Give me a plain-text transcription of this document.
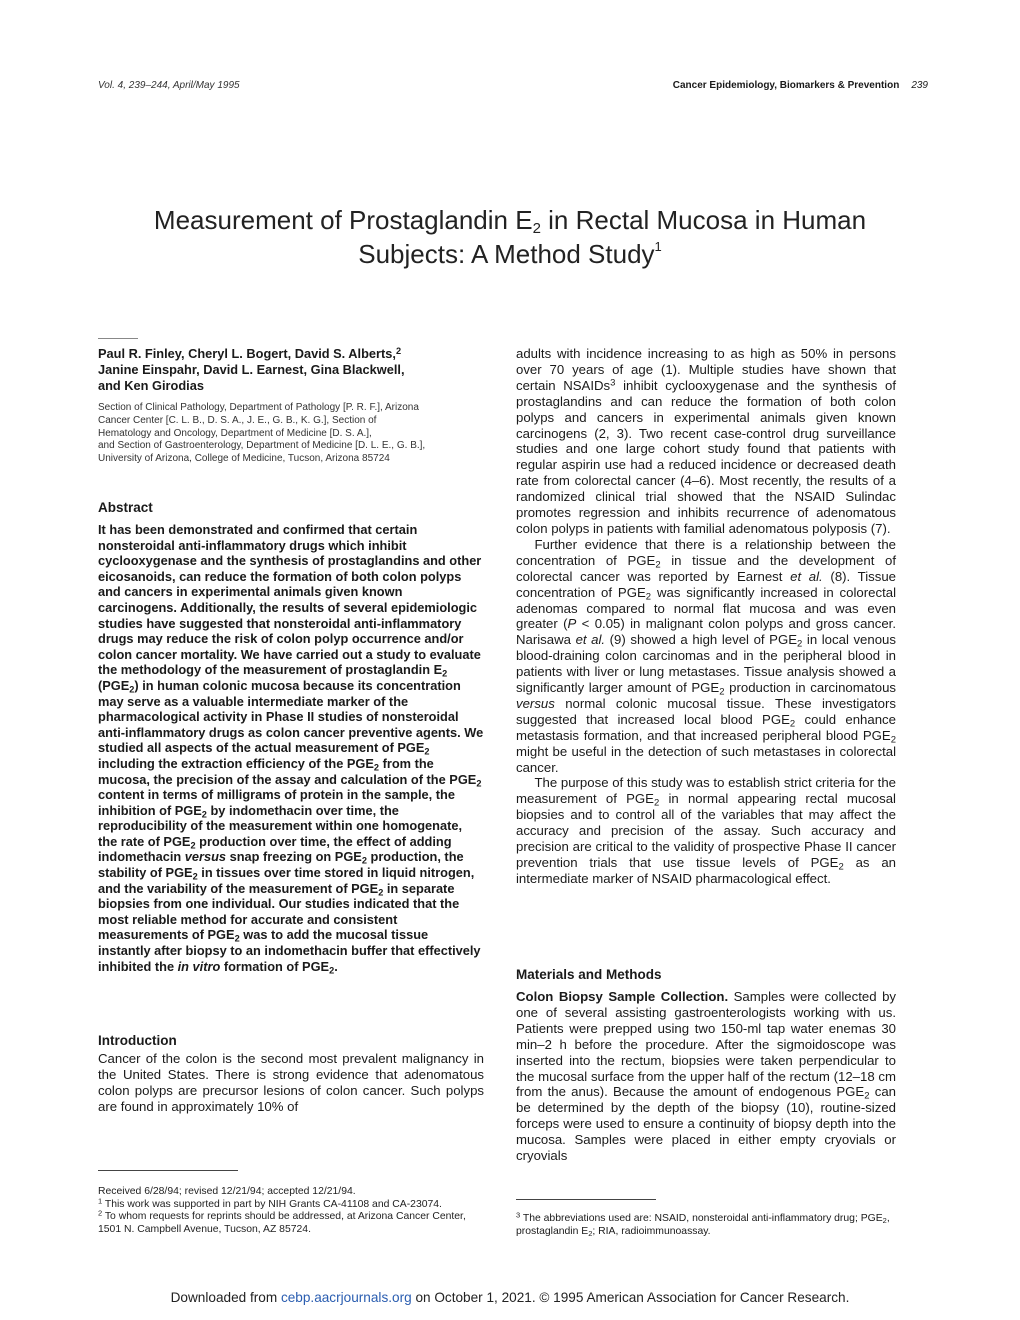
Vol. 4, 239–244, April/May 1995	Cancer Epidemiology, Biomarkers & Prevention 239
Measurement of Prostaglandin $E_2$ in Rectal Mucosa in Human
Subjects: A Method Study$^1$
Paul R. Finley, Cheryl L. Bogert, David S. Alberts,$^2$
Janine Einspahr, David L. Earnest, Gina Blackwell,
and Ken Girodias
Section of Clinical Pathology, Department of Pathology [P. R. F.], Arizona
Cancer Center [C. L. B., D. S. A., J. E., G. B., K. G.], Section of
Hematology and Oncology, Department of Medicine [D. S. A.],
and Section of Gastroenterology, Department of Medicine [D. L. E., G. B.],
University of Arizona, College of Medicine, Tucson, Arizona 85724
Abstract
It has been demonstrated and confirmed that certain nonsteroidal anti-inflammatory drugs which inhibit cyclooxygenase and the synthesis of prostaglandins and other eicosanoids, can reduce the formation of both colon polyps and cancers in experimental animals given known carcinogens. Additionally, the results of several epidemiologic studies have suggested that nonsteroidal anti-inflammatory drugs may reduce the risk of colon polyp occurrence and/or colon cancer mortality. We have carried out a study to evaluate the methodology of the measurement of prostaglandin $E_2$ $(PGE_2)$ in human colonic mucosa because its concentration may serve as a valuable intermediate marker of the pharmacological activity in Phase II studies of nonsteroidal anti-inflammatory drugs as colon cancer preventive agents. We studied all aspects of the actual measurement of $PGE_2$ including the extraction efficiency of the $PGE_2$ from the mucosa, the precision of the assay and calculation of the $PGE_2$ content in terms of milligrams of protein in the sample, the inhibition of $PGE_2$ by indomethacin over time, the reproducibility of the measurement within one homogenate, the rate of $PGE_2$ production over time, the effect of adding indomethacin versus snap freezing on $PGE_2$ production, the stability of $PGE_2$ in tissues over time stored in liquid nitrogen, and the variability of the measurement of $PGE_2$ in separate biopsies from one individual. Our studies indicated that the most reliable method for accurate and consistent measurements of $PGE_2$ was to add the mucosal tissue instantly after biopsy to an indomethacin buffer that effectively inhibited the in vitro formation of $PGE_2$.
Introduction
Cancer of the colon is the second most prevalent malignancy in the United States. There is strong evidence that adenomatous colon polyps are precursor lesions of colon cancer. Such polyps are found in approximately 10% of
Received 6/28/94; revised 12/21/94; accepted 12/21/94.
$^1$ This work was supported in part by NIH Grants CA-41108 and CA-23074.
$^2$ To whom requests for reprints should be addressed, at Arizona Cancer Center, 1501 N. Campbell Avenue, Tucson, AZ 85724.

adults with incidence increasing to as high as 50% in persons over 70 years of age (1). Multiple studies have shown that certain NSAIDs$^3$ inhibit cyclooxygenase and the synthesis of prostaglandins and can reduce the formation of both colon polyps and cancers in experimental animals given known carcinogens (2, 3). Two recent case-control drug surveillance studies and one large cohort study found that patients with regular aspirin use had a reduced incidence or decreased death rate from colorectal cancer (4–6). Most recently, the results of a randomized clinical trial showed that the NSAID Sulindac promotes regression and inhibits recurrence of adenomatous colon polyps in patients with familial adenomatous polyposis (7).

Further evidence that there is a relationship between the concentration of $PGE_2$ in tissue and the development of colorectal cancer was reported by Earnest et al. (8). Tissue concentration of $PGE_2$ was significantly increased in colorectal adenomas compared to normal flat mucosa and was even greater (P < 0.05) in malignant colon polyps and gross cancer. Narisawa et al. (9) showed a high level of $PGE_2$ in local venous blood-draining colon carcinomas and in the peripheral blood in patients with liver or lung metastases. Tissue analysis showed a significantly larger amount of $PGE_2$ production in carcinomatous versus normal colonic mucosal tissue. These investigators suggested that increased local blood $PGE_2$ could enhance metastasis formation, and that increased peripheral blood $PGE_2$ might be useful in the detection of such metastases in colorectal cancer.

The purpose of this study was to establish strict criteria for the measurement of $PGE_2$ in normal appearing rectal mucosal biopsies and to control all of the variables that may affect the accuracy and precision of the assay. Such accuracy and precision are critical to the validity of prospective Phase II cancer prevention trials that use tissue levels of $PGE_2$ as an intermediate marker of NSAID pharmacological effect.

Materials and Methods
Colon Biopsy Sample Collection. Samples were collected by one of several assisting gastroenterologists working with us. Patients were prepped using two 150-ml tap water enemas 30 min–2 h before the procedure. After the sigmoidoscope was inserted into the rectum, biopsies were taken perpendicular to the mucosal surface from the upper half of the rectum (12–18 cm from the anus). Because the amount of endogenous $PGE_2$ can be determined by the depth of the biopsy (10), routine-sized forceps were used to ensure a continuity of biopsy depth into the mucosa. Samples were placed in either empty cryovials or cryovials
$^3$ The abbreviations used are: NSAID, nonsteroidal anti-inflammatory drug; $PGE_2$, prostaglandin $E_2$; RIA, radioimmunoassay.
Downloaded from cebp.aacrjournals.org on October 1, 2021. © 1995 American Association for Cancer Research.
